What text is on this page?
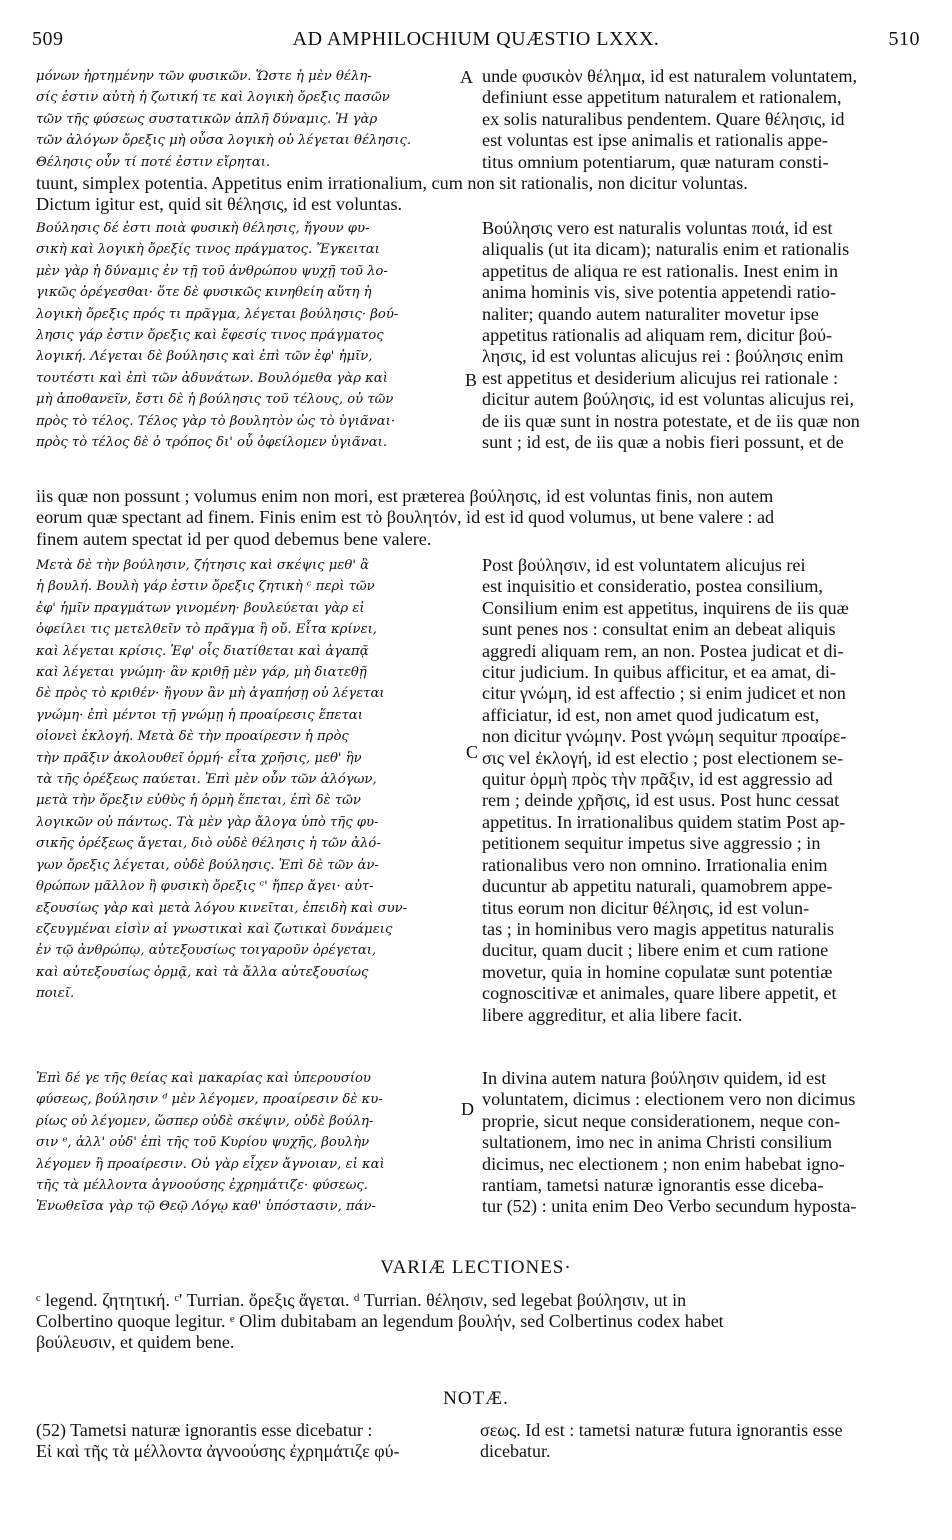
509	AD AMPHILOCHIUM QUÆSTIO LXXX.	510
μόνων ἠρτημένην τῶν φυσικῶν. Ὥστε ἡ μὲν θέλη-
σίς ἐστιν αὐτὴ ἡ ζωτική τε καὶ λογικὴ ὄρεξις πασῶν
τῶν τῆς φύσεως συστατικῶν ἁπλῆ δύναμις. Ἡ γὰρ
τῶν ἀλόγων ὄρεξις μὴ οὖσα λογικὴ οὐ λέγεται θέλησις.
Θέλησις οὖν τί ποτέ ἐστιν εἴρηται.
unde φυσικὸν θέλημα, id est naturalem voluntatem,
definiunt esse appetitum naturalem et rationalem,
ex solis naturalibus pendentem. Quare θέλησις, id
est voluntas est ipse animalis et rationalis appe-
titus omnium potentiarum, quæ naturam consti-
A
tuunt, simplex potentia. Appetitus enim irrationalium, cum non sit rationalis, non dicitur voluntas.
Dictum igitur est, quid sit θέλησις, id est voluntas.
Βούλησις δέ ἐστι ποιὰ φυσικὴ θέλησις, ἤγουν φυ-
σικὴ καὶ λογικὴ ὄρεξίς τινος πράγματος. Ἔγκειται
μὲν γὰρ ἡ δύναμις ἐν τῇ τοῦ ἀνθρώπου ψυχῇ τοῦ λο-
γικῶς ὀρέγεσθαι· ὅτε δὲ φυσικῶς κινηθείη αὕτη ἡ
λογικὴ ὄρεξις πρός τι πρᾶγμα, λέγεται βούλησις· βού-
λησις γάρ ἐστιν ὄρεξις καὶ ἔφεσίς τινος πράγματος
λογική. Λέγεται δὲ βούλησις καὶ ἐπὶ τῶν ἐφ' ἡμῖν,
τουτέστι καὶ ἐπὶ τῶν ἀδυνάτων. Βουλόμεθα γὰρ καὶ
μὴ ἀποθανεῖν, ἔστι δὲ ἡ βούλησις τοῦ τέλους, οὐ τῶν
πρὸς τὸ τέλος. Τέλος γὰρ τὸ βουλητὸν ὡς τὸ ὑγιᾶναι·
πρὸς τὸ τέλος δὲ ὁ τρόπος δι' οὗ ὀφείλομεν ὑγιᾶναι.
Βούλησις vero est naturalis voluntas ποιά, id est
aliqualis (ut ita dicam); naturalis enim et rationalis
appetitus de aliqua re est rationalis. Inest enim in
anima hominis vis, sive potentia appetendi ratio-
naliter; quando autem naturaliter movetur ipse
appetitus rationalis ad aliquam rem, dicitur βού-
λησις, id est voluntas alicujus rei : βούλησις enim
est appetitus et desiderium alicujus rei rationale :
dicitur autem βούλησις, id est voluntas alicujus rei,
de iis quæ sunt in nostra potestate, et de iis quæ non
sunt ; id est, de iis quæ a nobis fieri possunt, et de
B
iis quæ non possunt ; volumus enim non mori, est præterea βούλησις, id est voluntas finis, non autem
eorum quæ spectant ad finem. Finis enim est τὸ βουλητόν, id est id quod volumus, ut bene valere : ad
finem autem spectat id per quod debemus bene valere.
Μετὰ δὲ τὴν βούλησιν, ζήτησις καὶ σκέψις μεθ' ἃ
ἡ βουλή. Βουλὴ γάρ ἐστιν ὄρεξις ζητικὴ ᶜ περὶ τῶν
ἐφ' ἡμῖν πραγμάτων γινομένη· βουλεύεται γὰρ εἰ
ὀφείλει τις μετελθεῖν τὸ πρᾶγμα ἢ οὔ. Εἶτα κρίνει,
καὶ λέγεται κρίσις. Ἐφ' οἷς διατίθεται καὶ ἀγαπᾷ
καὶ λέγεται γνώμη· ἂν κριθῇ μὲν γάρ, μὴ διατεθῇ
δὲ πρὸς τὸ κριθέν· ἤγουν ἂν μὴ ἀγαπήσῃ οὐ λέγεται
γνώμη· ἐπὶ μέντοι τῇ γνώμῃ ἡ προαίρεσις ἕπεται
οἱονεὶ ἐκλογή. Μετὰ δὲ τὴν προαίρεσιν ἡ πρὸς
τὴν πρᾶξιν ἀκολουθεῖ ὁρμή· εἶτα χρῆσις, μεθ' ἣν
τὰ τῆς ὀρέξεως παύεται. Ἐπὶ μὲν οὖν τῶν ἀλόγων,
μετὰ τὴν ὄρεξιν εὐθὺς ἡ ὁρμὴ ἕπεται, ἐπὶ δὲ τῶν
λογικῶν οὐ πάντως. Τὰ μὲν γὰρ ἄλογα ὑπὸ τῆς φυ-
σικῆς ὀρέξεως ἄγεται, διὸ οὐδὲ θέλησις ἡ τῶν ἀλό-
γων ὄρεξις λέγεται, οὐδὲ βούλησις. Ἐπὶ δὲ τῶν ἀν-
θρώπων μᾶλλον ἢ φυσικὴ ὄρεξις ᶜ' ἤπερ ἄγει· αὐτ-
εξουσίως γὰρ καὶ μετὰ λόγου κινεῖται, ἐπειδὴ καὶ συν-
εζευγμέναι εἰσὶν αἱ γνωστικαὶ καὶ ζωτικαὶ δυνάμεις
ἐν τῷ ἀνθρώπῳ, αὐτεξουσίως τοιγαροῦν ὀρέγεται,
καὶ αὐτεξουσίως ὁρμᾷ, καὶ τὰ ἄλλα αὐτεξουσίως
ποιεῖ.
Post βούλησιν, id est voluntatem alicujus rei
est inquisitio et consideratio, postea consilium,
Consilium enim est appetitus, inquirens de iis quæ
sunt penes nos : consultat enim an debeat aliquis
aggredi aliquam rem, an non. Postea judicat et di-
citur judicium. In quibus afficitur, et ea amat, di-
citur γνώμη, id est affectio ; si enim judicet et non
afficiatur, id est, non amet quod judicatum est,
non dicitur γνώμην. Post γνώμη sequitur προαίρε-
σις vel ἐκλογή, id est electio ; post electionem se-
quitur ὁρμὴ πρὸς τὴν πρᾶξιν, id est aggressio ad
rem ; deinde χρῆσις, id est usus. Post hunc cessat
appetitus. In irrationalibus quidem statim Post ap-
petitionem sequitur impetus sive aggressio ; in
rationalibus vero non omnino. Irrationalia enim
ducuntur ab appetitu naturali, quamobrem appe-
titus eorum non dicitur θέλησις, id est volun-
tas ; in hominibus vero magis appetitus naturalis
ducitur, quam ducit ; libere enim et cum ratione
movetur, quia in homine copulatæ sunt potentiæ
cognoscitivæ et animales, quare libere appetit, et
libere aggreditur, et alia libere facit.
C
Ἐπὶ δέ γε τῆς θείας καὶ μακαρίας καὶ ὑπερουσίου
φύσεως, βούλησιν ᵈ μὲν λέγομεν, προαίρεσιν δὲ κυ-
ρίως οὐ λέγομεν, ὥσπερ οὐδὲ σκέψιν, οὐδὲ βούλη-
σιν ᵉ, ἀλλ' οὐδ' ἐπὶ τῆς τοῦ Κυρίου ψυχῆς, βουλὴν
λέγομεν ἢ προαίρεσιν. Οὐ γὰρ εἶχεν ἄγνοιαν, εἰ καὶ
τῆς τὰ μέλλοντα ἀγνοούσης ἐχρημάτιζε· φύσεως.
Ἑνωθεῖσα γὰρ τῷ Θεῷ Λόγῳ καθ' ὑπόστασιν, πάν-
In divina autem natura βούλησιν quidem, id est
voluntatem, dicimus : electionem vero non dicimus
proprie, sicut neque considerationem, neque con-
sultationem, imo nec in anima Christi consilium
dicimus, nec electionem ; non enim habebat igno-
rantiam, tametsi naturæ ignorantis esse diceba-
tur (52) : unita enim Deo Verbo secundum hyposta-
D
VARIÆ LECTIONES·
ᶜ legend. ζητητική. ᶜ' Turrian. ὄρεξις ἄγεται. ᵈ Turrian. θέλησιν, sed legebat βούλησιν, ut in
Colbertino quoque legitur. ᵉ Olim dubitabam an legendum βουλήν, sed Colbertinus codex habet
βούλευσιν, et quidem bene.
NOTÆ.
(52) Tametsi naturæ ignorantis esse dicebatur :
Εἰ καὶ τῆς τὰ μέλλοντα ἀγνοούσης ἐχρημάτιζε φύ-
σεως. Id est : tametsi naturæ futura ignorantis esse
dicebatur.
